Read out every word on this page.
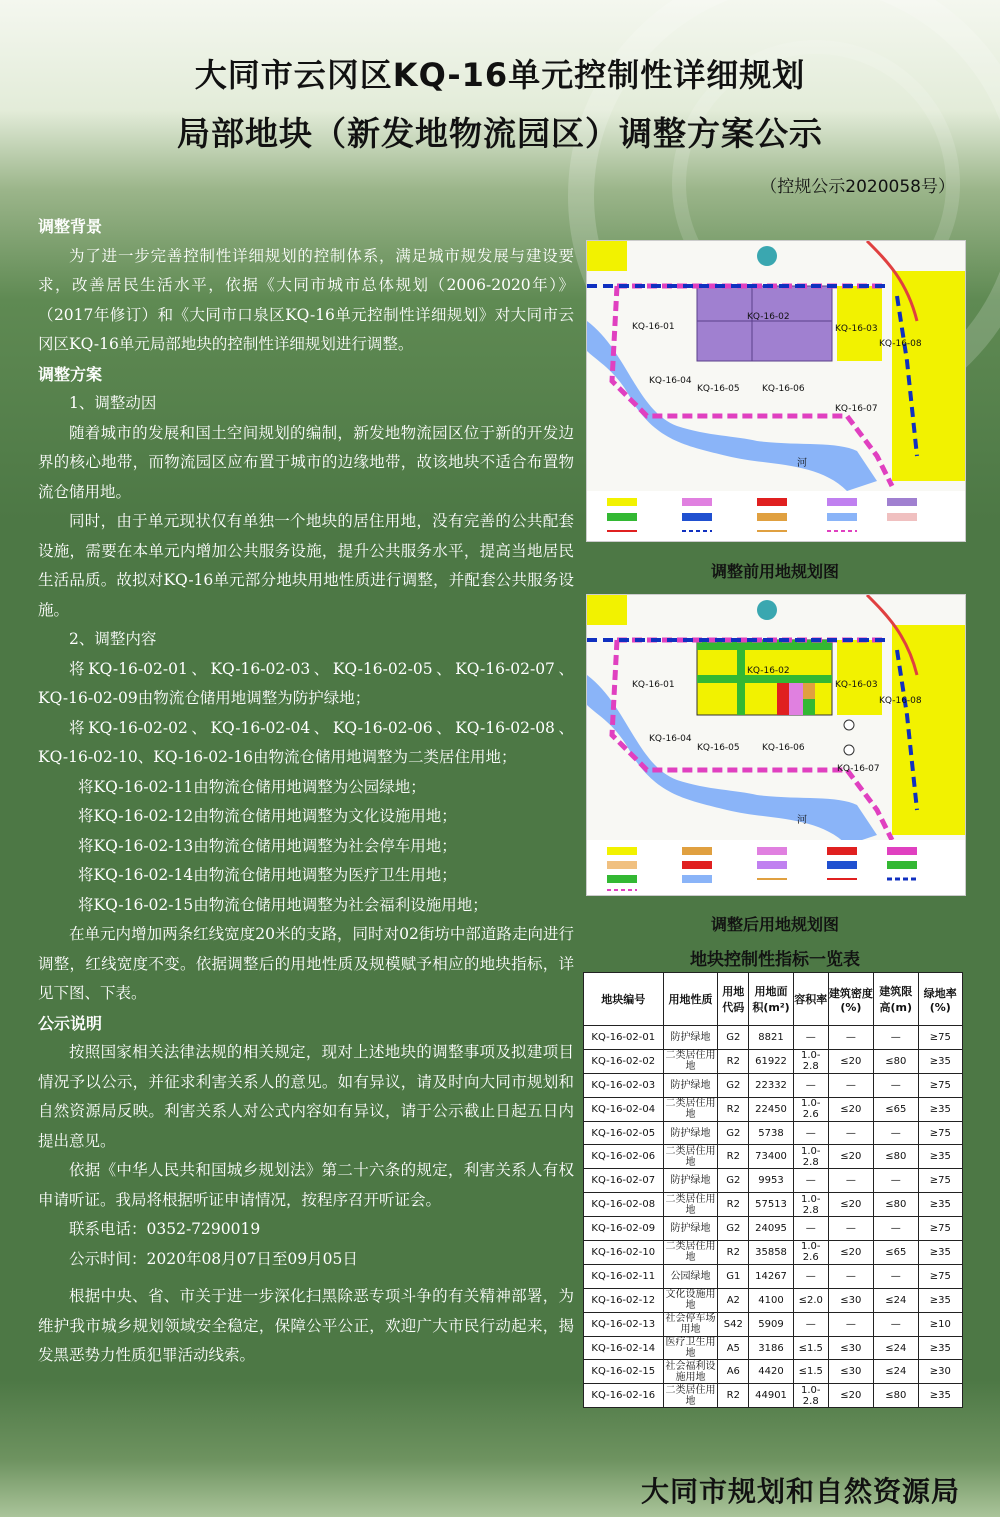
大同市云冈区KQ-16单元控制性详细规划
局部地块（新发地物流园区）调整方案公示
（控规公示2020058号）

调整背景

为了进一步完善控制性详细规划的控制体系，满足城市规发展与建设要求，改善居民生活水平，依据《大同市城市总体规划（2006-2020年）》（2017年修订）和《大同市口泉区KQ-16单元控制性详细规划》对大同市云冈区KQ-16单元局部地块的控制性详细规划进行调整。

调整方案

1、调整动因

随着城市的发展和国土空间规划的编制，新发地物流园区位于新的开发边界的核心地带，而物流园区应布置于城市的边缘地带，故该地块不适合布置物流仓储用地。

同时，由于单元现状仅有单独一个地块的居住用地，没有完善的公共配套设施，需要在本单元内增加公共服务设施，提升公共服务水平，提高当地居民生活品质。故拟对KQ-16单元部分地块用地性质进行调整，并配套公共服务设施。

2、调整内容

将KQ-16-02-01、KQ-16-02-03、KQ-16-02-05、KQ-16-02-07、KQ-16-02-09由物流仓储用地调整为防护绿地；

将KQ-16-02-02、KQ-16-02-04、KQ-16-02-06、KQ-16-02-08、KQ-16-02-10、KQ-16-02-16由物流仓储用地调整为二类居住用地；

将KQ-16-02-11由物流仓储用地调整为公园绿地；

将KQ-16-02-12由物流仓储用地调整为文化设施用地；

将KQ-16-02-13由物流仓储用地调整为社会停车用地；

将KQ-16-02-14由物流仓储用地调整为医疗卫生用地；

将KQ-16-02-15由物流仓储用地调整为社会福利设施用地；

在单元内增加两条红线宽度20米的支路，同时对02街坊中部道路走向进行调整，红线宽度不变。依据调整后的用地性质及规模赋予相应的地块指标，详见下图、下表。

公示说明

按照国家相关法律法规的相关规定，现对上述地块的调整事项及拟建项目情况予以公示，并征求利害关系人的意见。如有异议，请及时向大同市规划和自然资源局反映。利害关系人对公式内容如有异议，请于公示截止日起五日内提出意见。

依据《中华人民共和国城乡规划法》第二十六条的规定，利害关系人有权申请听证。我局将根据听证申请情况，按程序召开听证会。

联系电话：0352-7290019

公示时间：2020年08月07日至09月05日

根据中央、省、市关于进一步深化扫黑除恶专项斗争的有关精神部署，为维护我市城乡规划领域安全稳定，保障公平公正，欢迎广大市民行动起来，揭发黑恶势力性质犯罪活动线索。

KQ-16-01
KQ-16-02
KQ-16-03
KQ-16-04
KQ-16-05 KQ-16-06
KQ-16-07
KQ-16-08
河
调整前用地规划图
KQ-16-01
KQ-16-02
KQ-16-03
KQ-16-04
KQ-16-05 KQ-16-06
KQ-16-07
KQ-16-08
河
调整后用地规划图
地块控制性指标一览表
地块编号	用地性质	用地代码	用地面积(m²)	容积率	建筑密度(%)	建筑限高(m)	绿地率(%)
KQ-16-02-01	防护绿地	G2	8821	—	—	—	≥75
KQ-16-02-02	二类居住用地	R2	61922	1.0-2.8	≤20	≤80	≥35
KQ-16-02-03	防护绿地	G2	22332	—	—	—	≥75
KQ-16-02-04	二类居住用地	R2	22450	1.0-2.6	≤20	≤65	≥35
KQ-16-02-05	防护绿地	G2	5738	—	—	—	≥75
KQ-16-02-06	二类居住用地	R2	73400	1.0-2.8	≤20	≤80	≥35
KQ-16-02-07	防护绿地	G2	9953	—	—	—	≥75
KQ-16-02-08	二类居住用地	R2	57513	1.0-2.8	≤20	≤80	≥35
KQ-16-02-09	防护绿地	G2	24095	—	—	—	≥75
KQ-16-02-10	二类居住用地	R2	35858	1.0-2.6	≤20	≤65	≥35
KQ-16-02-11	公园绿地	G1	14267	—	—	—	≥75
KQ-16-02-12	文化设施用地	A2	4100	≤2.0	≤30	≤24	≥35
KQ-16-02-13	社会停车场用地	S42	5909	—	—	—	≥10
KQ-16-02-14	医疗卫生用地	A5	3186	≤1.5	≤30	≤24	≥35
KQ-16-02-15	社会福利设施用地	A6	4420	≤1.5	≤30	≤24	≥30
KQ-16-02-16	二类居住用地	R2	44901	1.0-2.8	≤20	≤80	≥35
大同市规划和自然资源局
